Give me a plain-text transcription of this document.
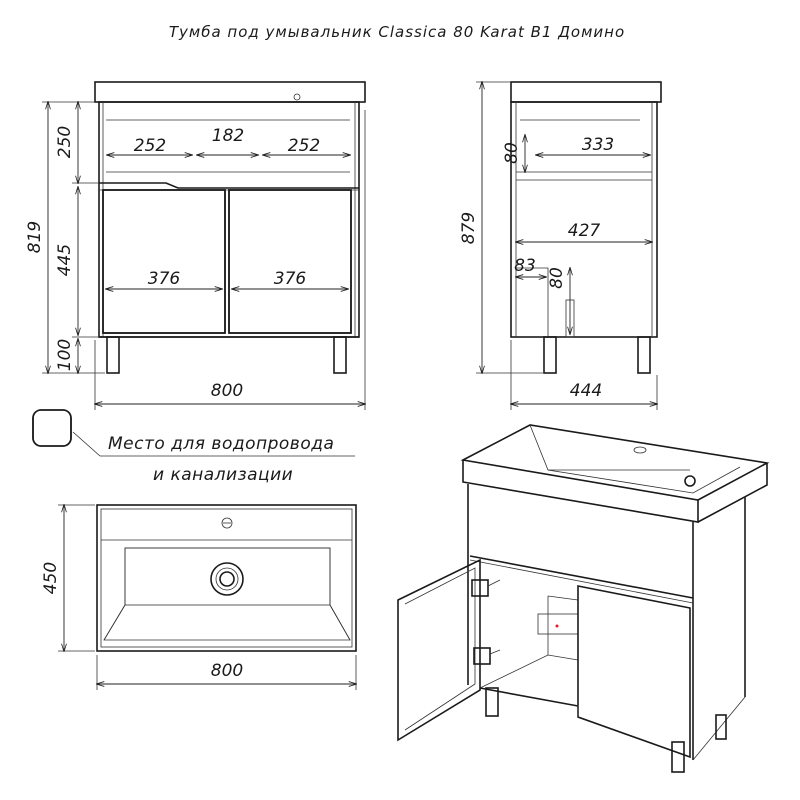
Тумба под умывальник Classica 80 Karat B1 Домино
252	182	252
376	376
819
250
445
100
800
333
80
427
83
80
879
444
Место для водопровода
и канализации
450
800
